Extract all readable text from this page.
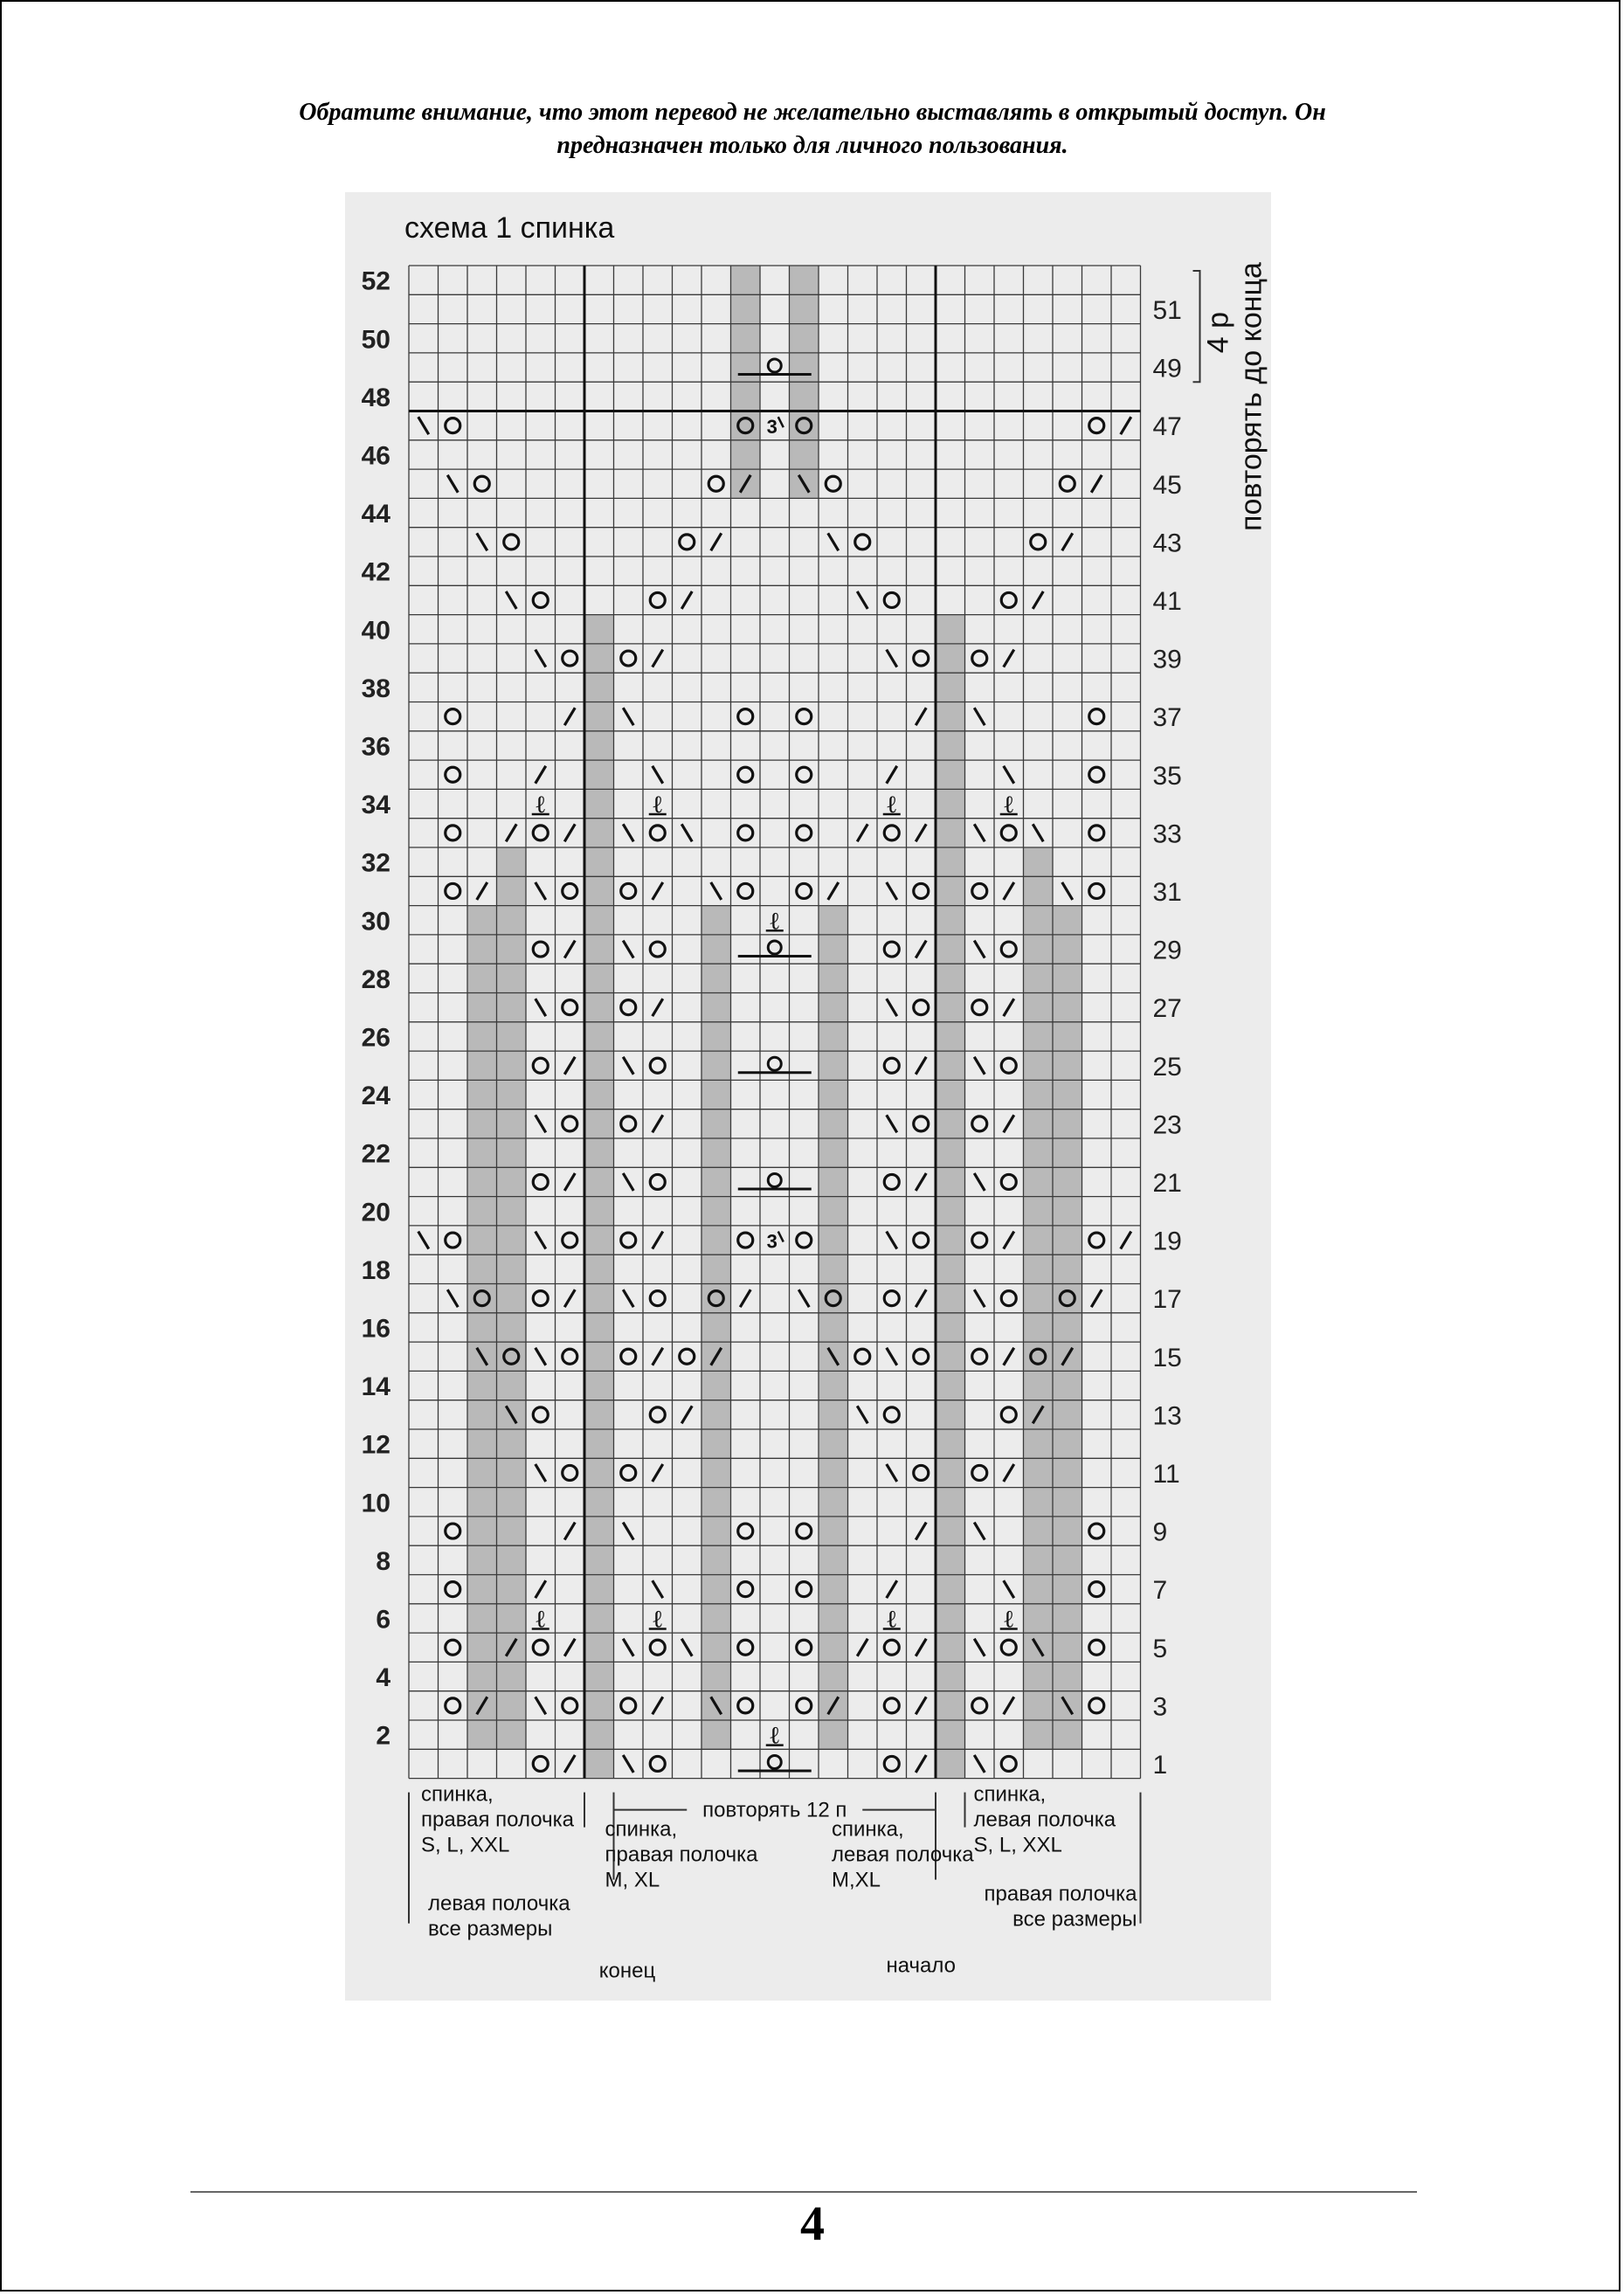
Обратите внимание, что этот перевод не желательно выставлять в открытый доступ. Он
предназначен только для личного пользования.
схема 1 спинка
52
50
48
46
44
42
40
38
36
34
32
30
28
26
24
22
20
18
16
14
12
10
8
6
4
2
51
49
47
45
43
41
39
37
35
33
31
29
27
25
23
21
19
17
15
13
11
9
7
5
3
1
3
ℓ	ℓ	ℓ	ℓ
ℓ
3
ℓ	ℓ	ℓ	ℓ
ℓ
4 р повторять до конца
повторять 12 п
левая полочка
все размеры
спинка,
правая полочка
S, L, XXL
спинка,
правая полочка
M, XL
спинка,
левая полочка
M,XL
спинка,
левая полочка
S, L, XXL
правая полочка
все размеры
конец	начало
4
